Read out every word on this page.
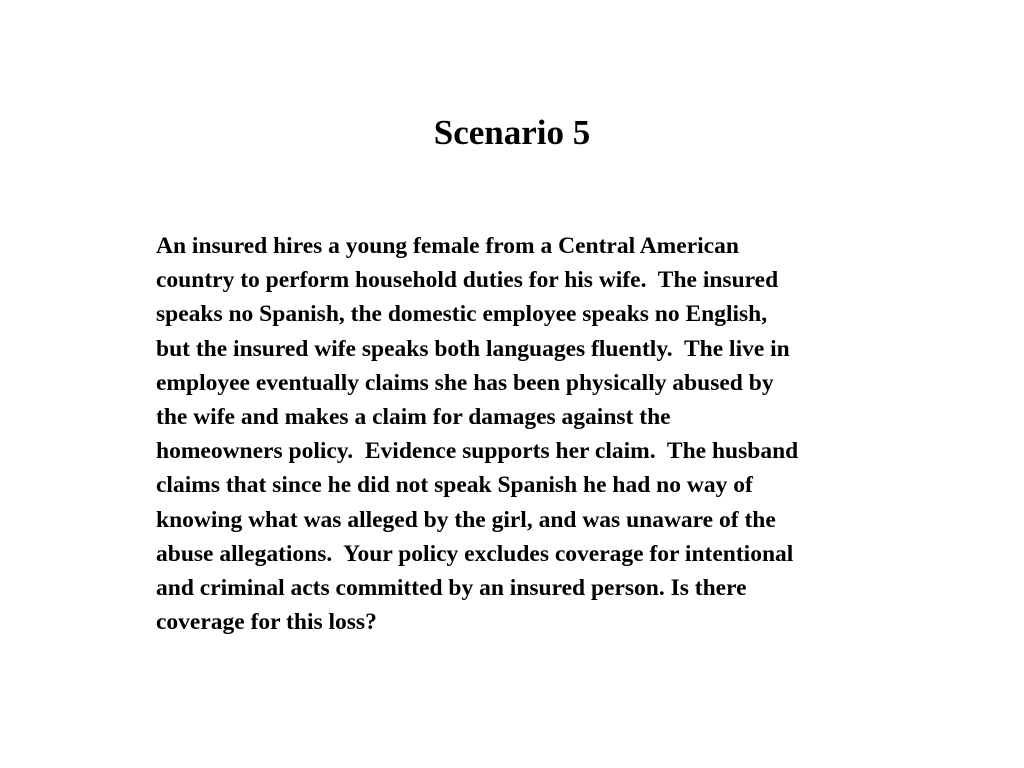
Scenario 5
An insured hires a young female from a Central American
country to perform household duties for his wife.  The insured
speaks no Spanish, the domestic employee speaks no English,
but the insured wife speaks both languages fluently.  The live in
employee eventually claims she has been physically abused by
the wife and makes a claim for damages against the
homeowners policy.  Evidence supports her claim.  The husband
claims that since he did not speak Spanish he had no way of
knowing what was alleged by the girl, and was unaware of the
abuse allegations.  Your policy excludes coverage for intentional
and criminal acts committed by an insured person. Is there
coverage for this loss?
